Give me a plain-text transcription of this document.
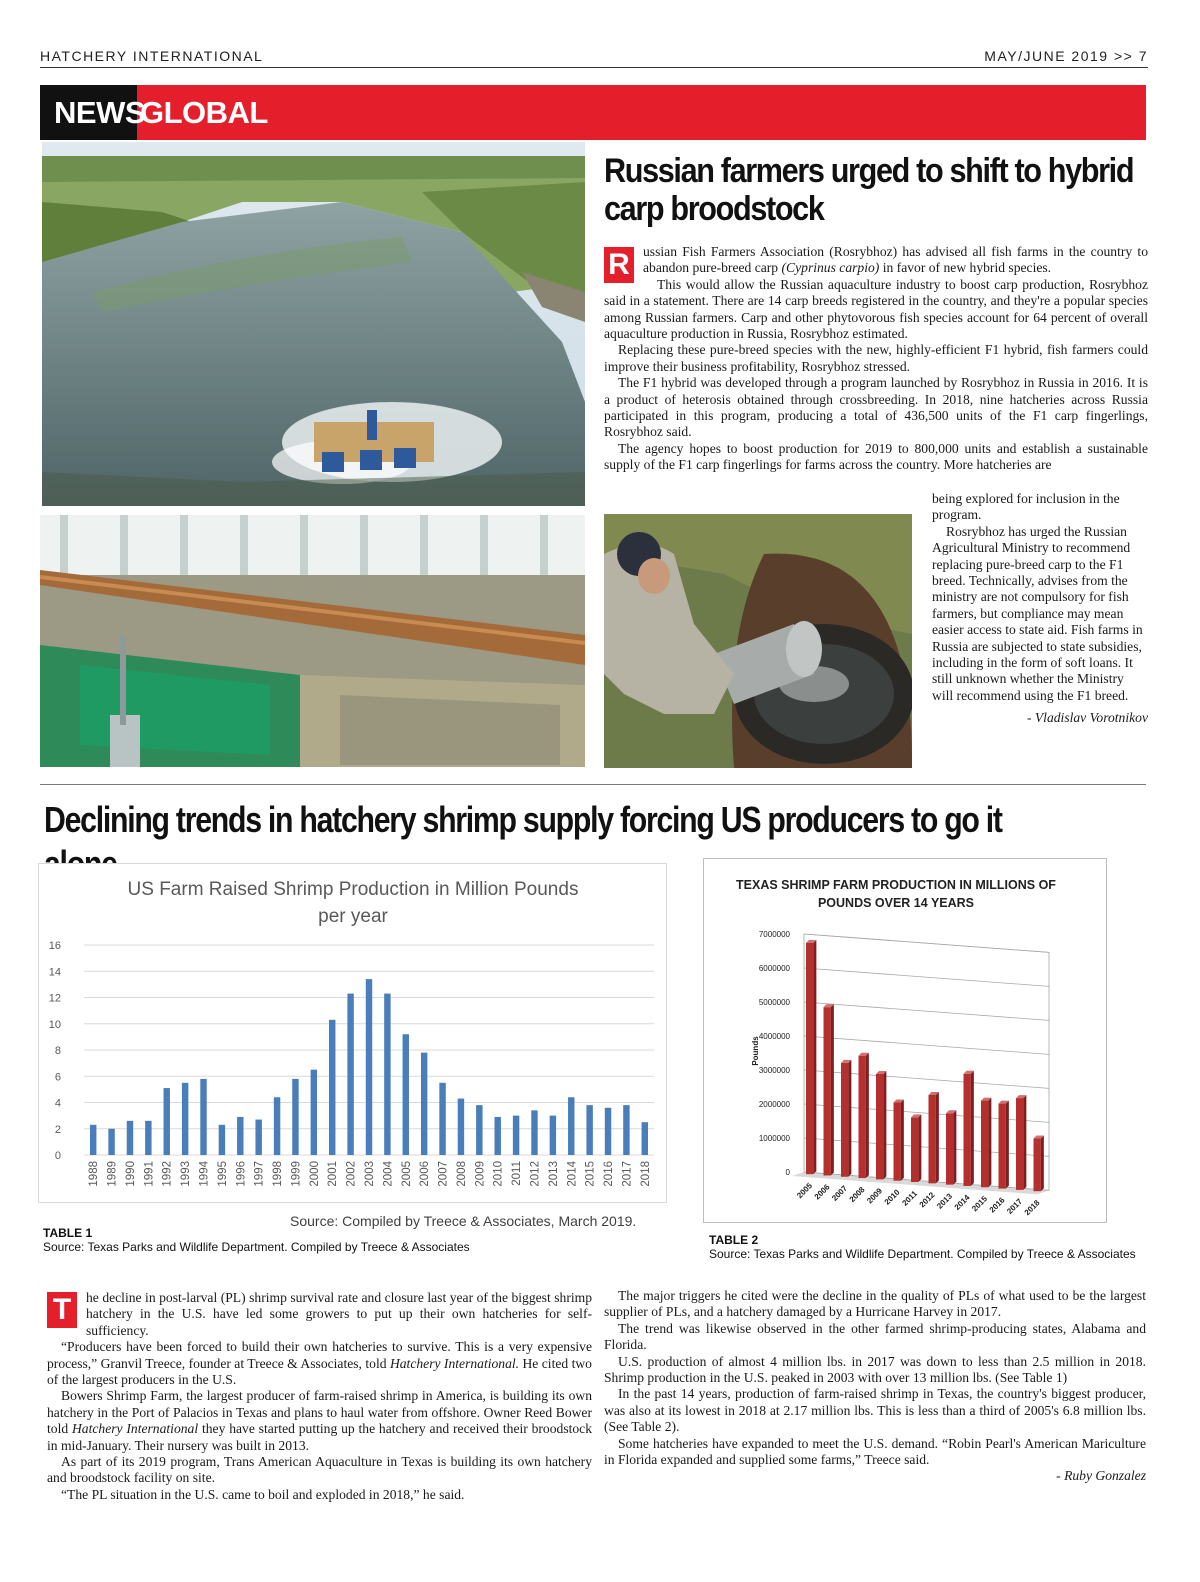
HATCHERY INTERNATIONAL	MAY/JUNE 2019 >> 7
NEWS
GLOBAL
Russian farmers urged to shift to hybrid carp broodstock

R ussian Fish Farmers Association (Rosrybhoz) has advised all fish farms in the country to abandon pure-breed carp (Cyprinus carpio) in favor of new hybrid species.

This would allow the Russian aquaculture industry to boost carp production, Rosrybhoz said in a statement. There are 14 carp breeds registered in the country, and they're a popular species among Russian farmers. Carp and other phytovorous fish species account for 64 percent of overall aquaculture production in Russia, Rosrybhoz estimated.

Replacing these pure-breed species with the new, highly-efficient F1 hybrid, fish farmers could improve their business profitability, Rosrybhoz stressed.

The F1 hybrid was developed through a program launched by Rosrybhoz in Russia in 2016. It is a product of heterosis obtained through crossbreeding. In 2018, nine hatcheries across Russia participated in this program, producing a total of 436,500 units of the F1 carp fingerlings, Rosrybhoz said.

The agency hopes to boost production for 2019 to 800,000 units and establish a sustainable supply of the F1 carp fingerlings for farms across the country. More hatcheries are

being explored for inclusion in the program.

Rosrybhoz has urged the Russian Agricultural Ministry to recommend replacing pure-breed carp to the F1 breed. Technically, advises from the ministry are not compulsory for fish farmers, but compliance may mean easier access to state aid. Fish farms in Russia are subjected to state subsidies, including in the form of soft loans. It still unknown whether the Ministry will recommend using the F1 breed.

- Vladislav Vorotnikov

Declining trends in hatchery shrimp supply forcing US producers to go it
US Farm Raised Shrimp Production in Million Pounds
per year
0
2
4
6
8
10
12
14
16
1988 1989 1990 1991 1992 1993 1994 1995 1996 1997 1998 1999 2000 2001 2002 2003 2004 2005 2006 2007 2008 2009 2010 2011 2012 2013 2014 2015 2016 2017 2018
TABLE 1
Source: Texas Parks and Wildlife Department. Compiled by Treece & Associates
Source: Compiled by Treece & Associates, March 2019.
TEXAS SHRIMP FARM PRODUCTION IN MILLIONS OF
POUNDS OVER 14 YEARS
0
1000000
2000000
3000000
4000000
5000000
6000000
7000000
Pounds
2005
2006
2007
2008
2009
2010
2011
2012
2013
2014
2015
2016
2017
2018
TABLE 2
Source: Texas Parks and Wildlife Department. Compiled by Treece & Associates

T	he decline in post-larval (PL) shrimp survival rate and closure last year of the biggest shrimp hatchery in the U.S. have led some growers to put up their own hatcheries for self-sufficiency.

“Producers have been forced to build their own hatcheries to survive. This is a very expensive process,” Granvil Treece, founder at Treece & Associates, told Hatchery International. He cited two of the largest producers in the U.S.

Bowers Shrimp Farm, the largest producer of farm-raised shrimp in America, is building its own hatchery in the Port of Palacios in Texas and plans to haul water from offshore. Owner Reed Bower told Hatchery International they have started putting up the hatchery and received their broodstock in mid-January. Their nursery was built in 2013.

As part of its 2019 program, Trans American Aquaculture in Texas is building its own hatchery and broodstock facility on site.

“The PL situation in the U.S. came to boil and exploded in 2018,” he said.

The major triggers he cited were the decline in the quality of PLs of what used to be the largest supplier of PLs, and a hatchery damaged by a Hurricane Harvey in 2017.

The trend was likewise observed in the other farmed shrimp-producing states, Alabama and Florida.

U.S. production of almost 4 million lbs. in 2017 was down to less than 2.5 million in 2018. Shrimp production in the U.S. peaked in 2003 with over 13 million lbs. (See Table 1)

In the past 14 years, production of farm-raised shrimp in Texas, the country's biggest producer, was also at its lowest in 2018 at 2.17 million lbs. This is less than a third of 2005's 6.8 million lbs. (See Table 2).

Some hatcheries have expanded to meet the U.S. demand. “Robin Pearl's American Mariculture in Florida expanded and supplied some farms,” Treece said.

- Ruby Gonzalez
